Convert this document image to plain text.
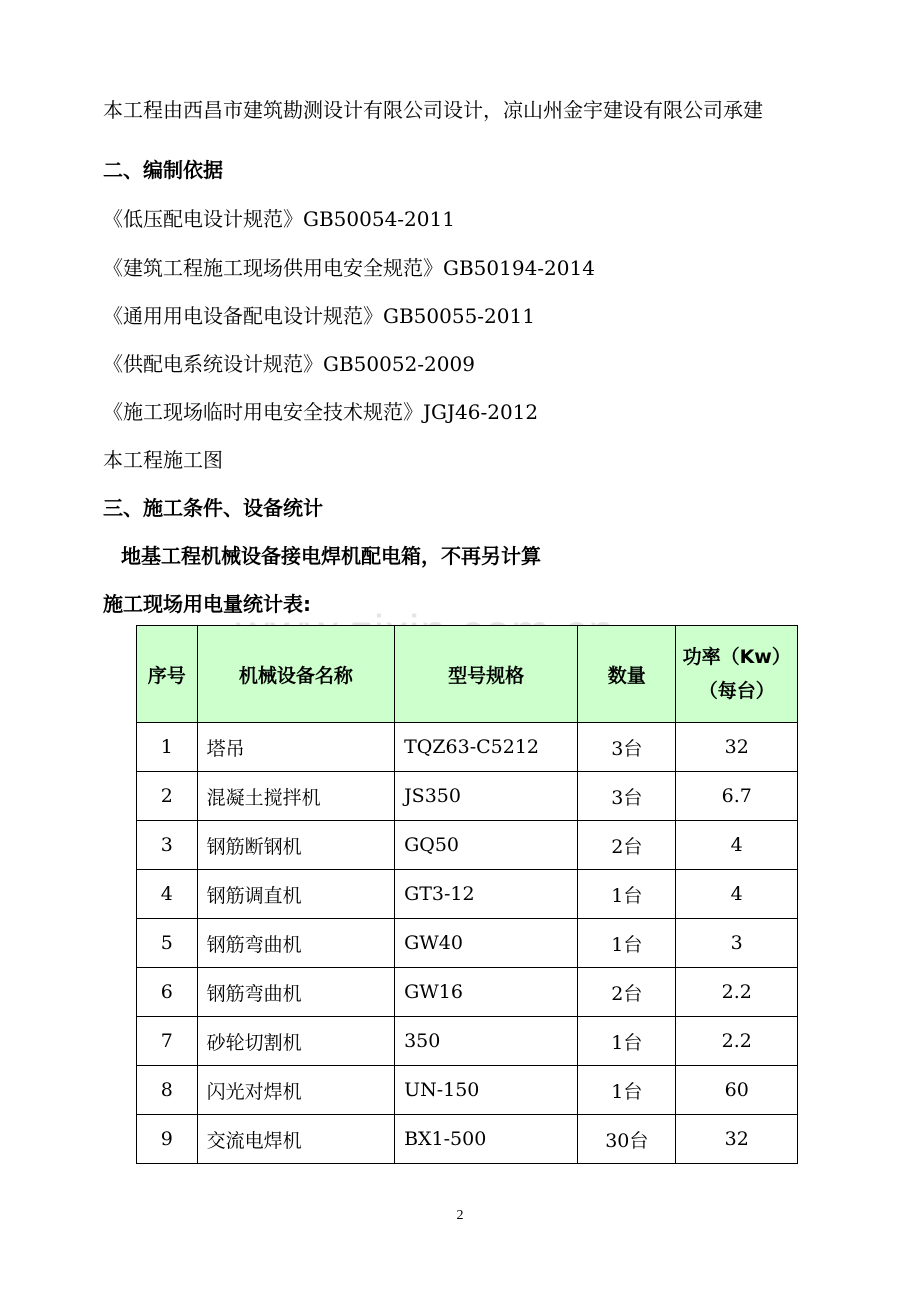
本工程由西昌市建筑勘测设计有限公司设计，凉山州金宇建设有限公司承建
二、编制依据
《低压配电设计规范》GB50054-2011
《建筑工程施工现场供用电安全规范》GB50194-2014
《通用用电设备配电设计规范》GB50055-2011
《供配电系统设计规范》GB50052-2009
《施工现场临时用电安全技术规范》JGJ46-2012
本工程施工图
三、施工条件、设备统计
地基工程机械设备接电焊机配电箱，不再另计算
施工现场用电量统计表:
序号	机械设备名称	型号规格	数量	功率（Kw）
（每台）

1	塔吊	TQZ63-C5212	3台	32
2	混凝土搅拌机	JS350	3台	6.7
3	钢筋断钢机	GQ50	2台	4
4	钢筋调直机	GT3-12	1台	4
5	钢筋弯曲机	GW40	1台	3
6	钢筋弯曲机	GW16	2台	2.2
7	砂轮切割机	350	1台	2.2
8	闪光对焊机	UN-150	1台	60
9	交流电焊机	BX1-500	30台	32
2
